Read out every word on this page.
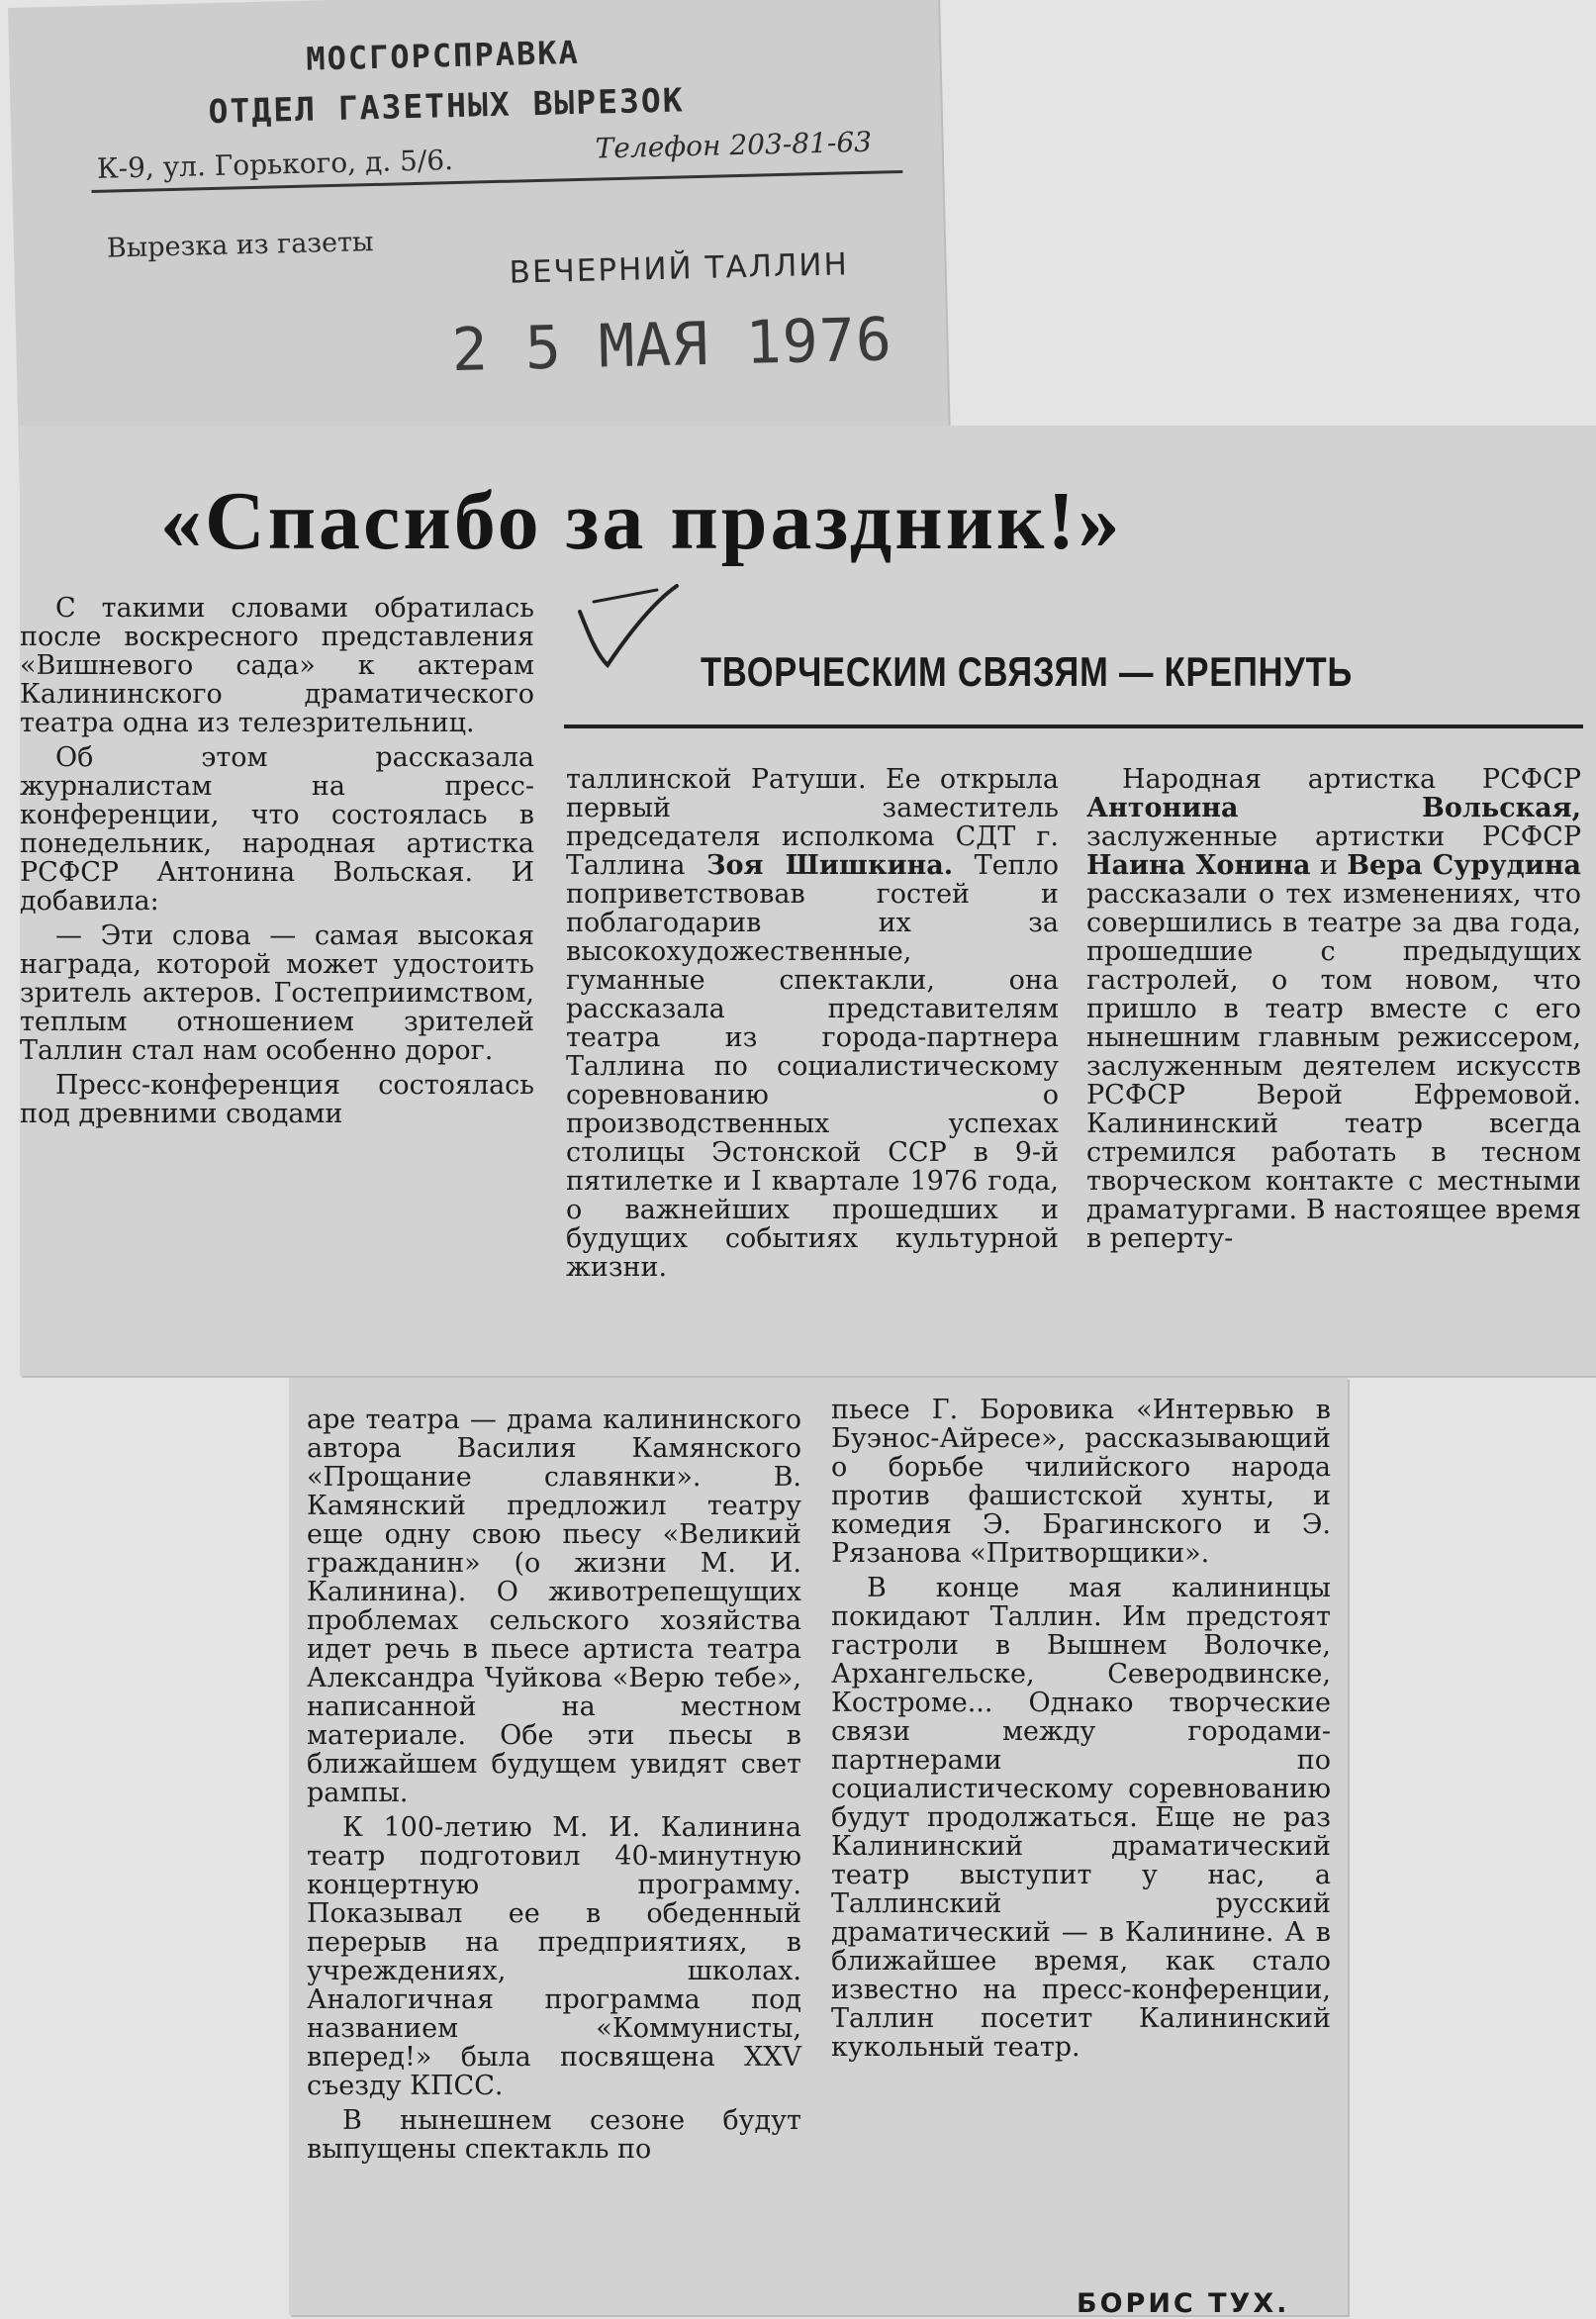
МОСГОРСПРАВКА
ОТДЕЛ ГАЗЕТНЫХ ВЫРЕЗОК
К-9, ул. Горького, д. 5/6.	Телефон 203-81-63
Вырезка из газеты
ВЕЧЕРНИЙ ТАЛЛИН
2 5 МАЯ 1976
«Спасибо за праздник!»
ТВОРЧЕСКИМ СВЯЗЯМ — КРЕПНУТЬ

С такими словами обратилась после воскресного представления «Вишневого сада» к актерам Калининского драматического театра одна из телезрительниц.

Об этом рассказала журналистам на пресс-конференции, что состоялась в понедельник, народная артистка РСФСР Антонина Вольская. И добавила:

— Эти слова — самая высокая награда, которой может удостоить зритель актеров. Гостеприимством, теплым отношением зрителей Таллин стал нам особенно дорог.

Пресс-конференция состоялась под древними сводами

таллинской Ратуши. Ее открыла первый заместитель председателя исполкома СДТ г. Таллина Зоя Шишкина. Тепло поприветствовав гостей и поблагодарив их за высокохудожественные, гуманные спектакли, она рассказала представителям театра из города-партнера Таллина по социалистическому соревнованию о производственных успехах столицы Эстонской ССР в 9-й пятилетке и I квартале 1976 года, о важнейших прошедших и будущих событиях культурной жизни.

Народная артистка РСФСР Антонина Вольская, заслуженные артистки РСФСР Наина Хонина и Вера Сурудина рассказали о тех изменениях, что совершились в театре за два года, прошедшие с предыдущих гастролей, о том новом, что пришло в театр вместе с его нынешним главным режиссером, заслуженным деятелем искусств РСФСР Верой Ефремовой. Калининский театр всегда стремился работать в тесном творческом контакте с местными драматургами. В настоящее время в реперту-

аре театра — драма калининского автора Василия Камянского «Прощание славянки». В. Камянский предложил театру еще одну свою пьесу «Великий гражданин» (о жизни М. И. Калинина). О животрепещущих проблемах сельского хозяйства идет речь в пьесе артиста театра Александра Чуйкова «Верю тебе», написанной на местном материале. Обе эти пьесы в ближайшем будущем увидят свет рампы.

К 100-летию М. И. Калинина театр подготовил 40-минутную концертную программу. Показывал ее в обеденный перерыв на предприятиях, в учреждениях, школах. Аналогичная программа под названием «Коммунисты, вперед!» была посвящена XXV съезду КПСС.

В нынешнем сезоне будут выпущены спектакль по

пьесе Г. Боровика «Интервью в Буэнос-Айресе», рассказывающий о борьбе чилийского народа против фашистской хунты, и комедия Э. Брагинского и Э. Рязанова «Притворщики».

В конце мая калининцы покидают Таллин. Им предстоят гастроли в Вышнем Волочке, Архангельске, Северодвинске, Костроме... Однако творческие связи между городами-партнерами по социалистическому соревнованию будут продолжаться. Еще не раз Калининский драматический театр выступит у нас, а Таллинский русский драматический — в Калинине. А в ближайшее время, как стало известно на пресс-конференции, Таллин посетит Калининский кукольный театр.

БОРИС ТУХ.
